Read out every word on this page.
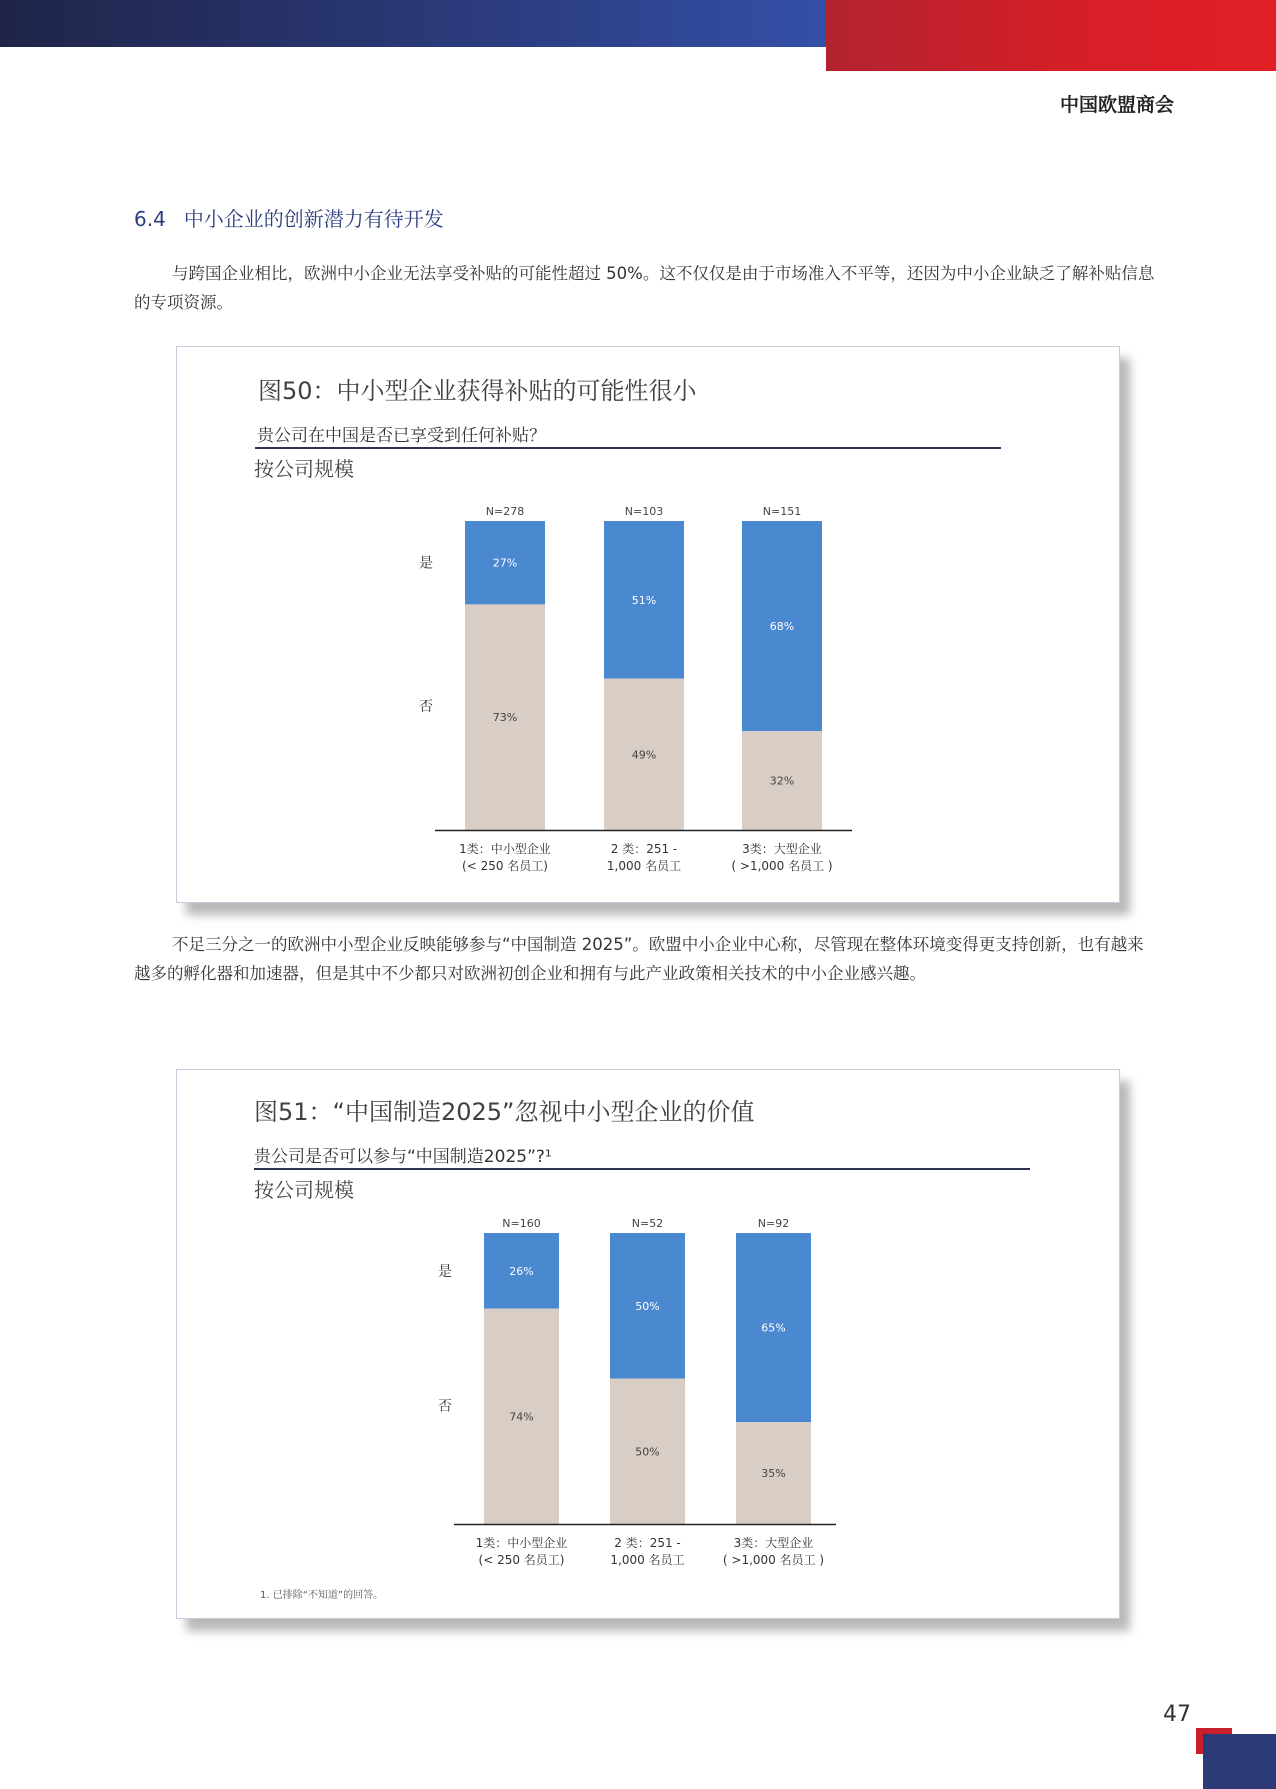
中国欧盟商会
6.4 中小企业的创新潜力有待开发

与跨国企业相比，欧洲中小企业无法享受补贴的可能性超过 50%。这不仅仅是由于市场准入不平等，还因为中小企业缺乏了解补贴信息的专项资源。

图50：中小型企业获得补贴的可能性很小
贵公司在中国是否已享受到任何补贴？
按公司规模
27%
73%
N=278
1类：中小型企业
(< 250 名员工)
51%
49%
N=103
2 类：251 -
1,000 名员工
68%
32%
N=151
3类：大型企业
( >1,000 名员工 )
是
否

不足三分之一的欧洲中小型企业反映能够参与“中国制造 2025”。欧盟中小企业中心称，尽管现在整体环境变得更支持创新，也有越来越多的孵化器和加速器，但是其中不少都只对欧洲初创企业和拥有与此产业政策相关技术的中小企业感兴趣。

图51：“中国制造2025”忽视中小型企业的价值
贵公司是否可以参与“中国制造2025”?¹
按公司规模
26%
74%
N=160
1类：中小型企业
(< 250 名员工)
50%
50%
N=52
2 类：251 -
1,000 名员工
65%
35%
N=92
3类：大型企业
( >1,000 名员工 )
是
否
1. 已排除“不知道”的回答。
47
